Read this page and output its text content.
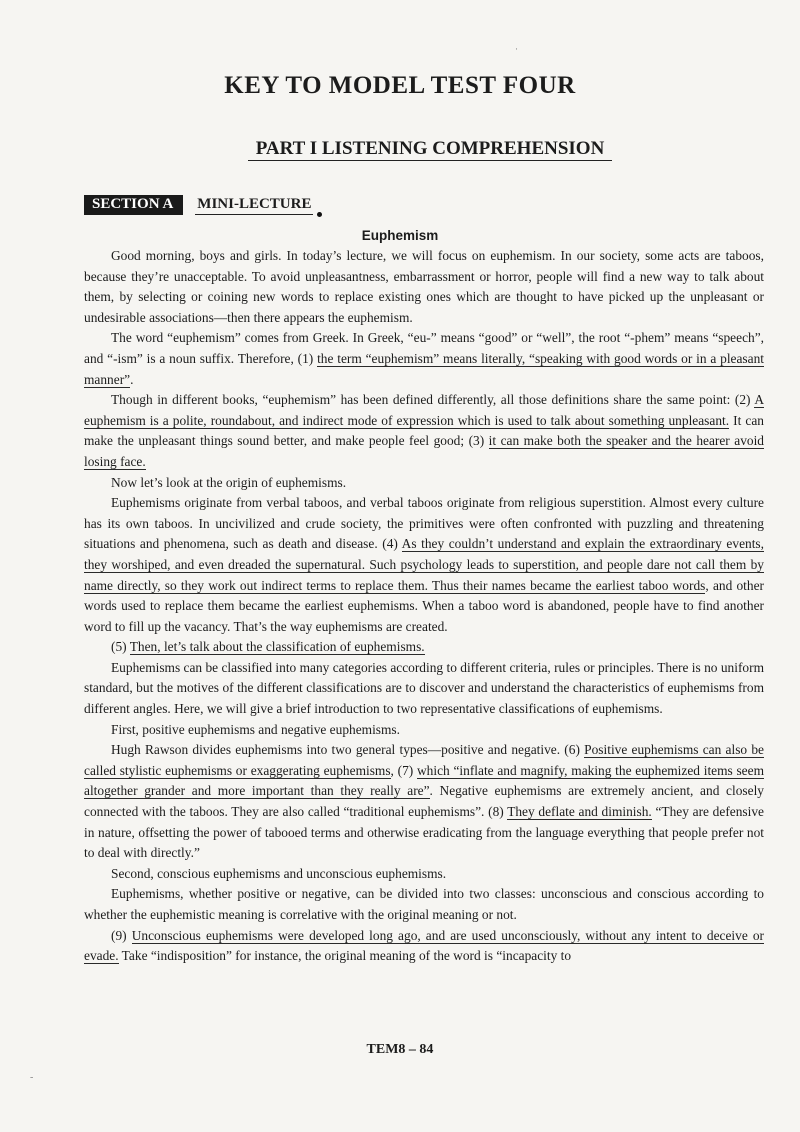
·
KEY TO MODEL TEST FOUR
PART I LISTENING COMPREHENSION
SECTION A	MINI-LECTURE
Euphemism

Good morning, boys and girls. In today’s lecture, we will focus on euphemism. In our society, some acts are taboos, because they’re unacceptable. To avoid unpleasantness, embarrassment or horror, people will find a new way to talk about them, by selecting or coining new words to replace existing ones which are thought to have picked up the unpleasant or undesirable associations—then there appears the euphemism.

The word “euphemism” comes from Greek. In Greek, “eu-” means “good” or “well”, the root “-phem” means “speech”, and “-ism” is a noun suffix. Therefore, (1) the term “euphemism” means literally, “speaking with good words or in a pleasant manner”.

Though in different books, “euphemism” has been defined differently, all those definitions share the same point: (2) A euphemism is a polite, roundabout, and indirect mode of expression which is used to talk about something unpleasant. It can make the unpleasant things sound better, and make people feel good; (3) it can make both the speaker and the hearer avoid losing face.

Now let’s look at the origin of euphemisms.

Euphemisms originate from verbal taboos, and verbal taboos originate from religious superstition. Almost every culture has its own taboos. In uncivilized and crude society, the primitives were often confronted with puzzling and threatening situations and phenomena, such as death and disease. (4) As they couldn’t understand and explain the extraordinary events, they worshiped, and even dreaded the supernatural. Such psychology leads to superstition, and people dare not call them by name directly, so they work out indirect terms to replace them. Thus their names became the earliest taboo words, and other words used to replace them became the earliest euphemisms. When a taboo word is abandoned, people have to find another word to fill up the vacancy. That’s the way euphemisms are created.

(5) Then, let’s talk about the classification of euphemisms.

Euphemisms can be classified into many categories according to different criteria, rules or principles. There is no uniform standard, but the motives of the different classifications are to discover and understand the characteristics of euphemisms from different angles. Here, we will give a brief introduction to two representative classifications of euphemisms.

First, positive euphemisms and negative euphemisms.

Hugh Rawson divides euphemisms into two general types—positive and negative. (6) Positive euphemisms can also be called stylistic euphemisms or exaggerating euphemisms, (7) which “inflate and magnify, making the euphemized items seem altogether grander and more important than they really are”. Negative euphemisms are extremely ancient, and closely connected with the taboos. They are also called “traditional euphemisms”. (8) They deflate and diminish. “They are defensive in nature, offsetting the power of tabooed terms and otherwise eradicating from the language everything that people prefer not to deal with directly.”

Second, conscious euphemisms and unconscious euphemisms.

Euphemisms, whether positive or negative, can be divided into two classes: unconscious and conscious according to whether the euphemistic meaning is correlative with the original meaning or not.

(9) Unconscious euphemisms were developed long ago, and are used unconsciously, without any intent to deceive or evade. Take “indisposition” for instance, the original meaning of the word is “incapacity to

TEM8 – 84
-
